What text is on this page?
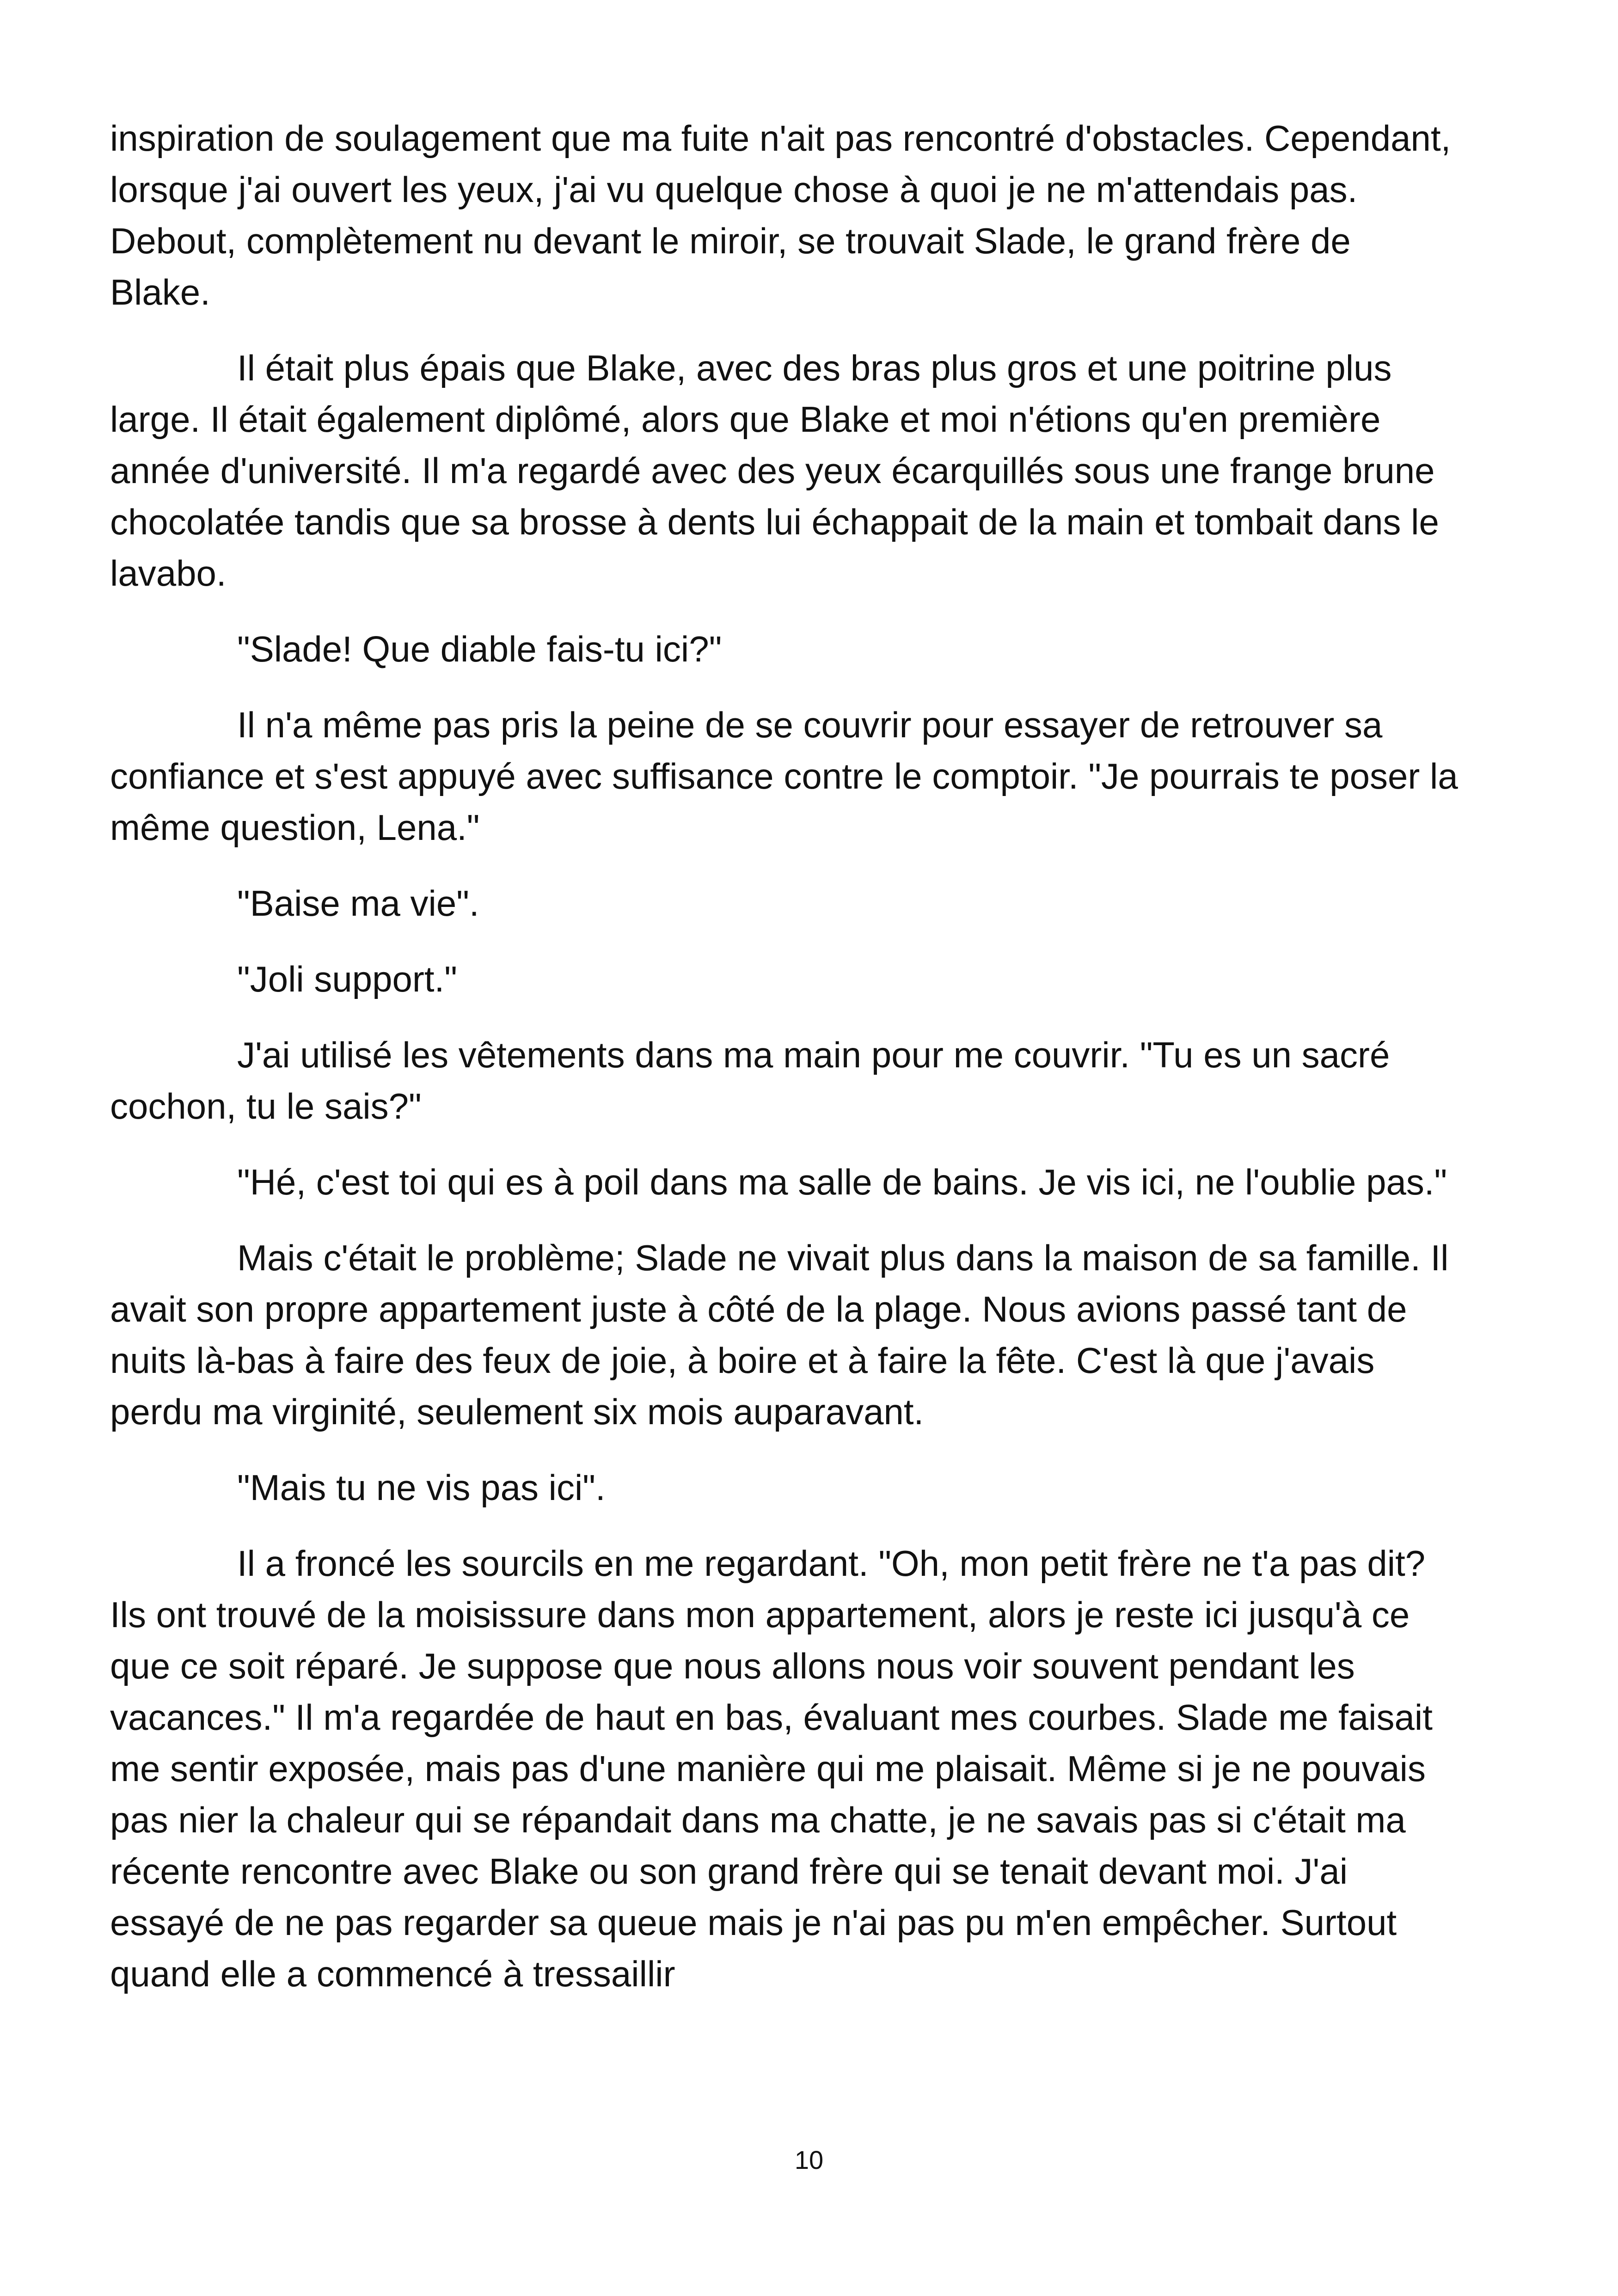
inspiration de soulagement que ma fuite n'ait pas rencontré d'obstacles. Cependant, lorsque j'ai ouvert les yeux, j'ai vu quelque chose à quoi je ne m'attendais pas. Debout, complètement nu devant le miroir, se trouvait Slade, le grand frère de Blake.

Il était plus épais que Blake, avec des bras plus gros et une poitrine plus large. Il était également diplômé, alors que Blake et moi n'étions qu'en première année d'université. Il m'a regardé avec des yeux écarquillés sous une frange brune chocolatée tandis que sa brosse à dents lui échappait de la main et tombait dans le lavabo.

"Slade! Que diable fais-tu ici?"

Il n'a même pas pris la peine de se couvrir pour essayer de retrouver sa confiance et s'est appuyé avec suffisance contre le comptoir. "Je pourrais te poser la même question, Lena."

"Baise ma vie".

"Joli support."

J'ai utilisé les vêtements dans ma main pour me couvrir. "Tu es un sacré cochon, tu le sais?"

"Hé, c'est toi qui es à poil dans ma salle de bains. Je vis ici, ne l'oublie pas."

Mais c'était le problème; Slade ne vivait plus dans la maison de sa famille. Il avait son propre appartement juste à côté de la plage. Nous avions passé tant de nuits là-bas à faire des feux de joie, à boire et à faire la fête. C'est là que j'avais perdu ma virginité, seulement six mois auparavant.

"Mais tu ne vis pas ici".

Il a froncé les sourcils en me regardant. "Oh, mon petit frère ne t'a pas dit? Ils ont trouvé de la moisissure dans mon appartement, alors je reste ici jusqu'à ce que ce soit réparé. Je suppose que nous allons nous voir souvent pendant les vacances." Il m'a regardée de haut en bas, évaluant mes courbes. Slade me faisait me sentir exposée, mais pas d'une manière qui me plaisait. Même si je ne pouvais pas nier la chaleur qui se répandait dans ma chatte, je ne savais pas si c'était ma récente rencontre avec Blake ou son grand frère qui se tenait devant moi. J'ai essayé de ne pas regarder sa queue mais je n'ai pas pu m'en empêcher. Surtout quand elle a commencé à tressaillir

10
